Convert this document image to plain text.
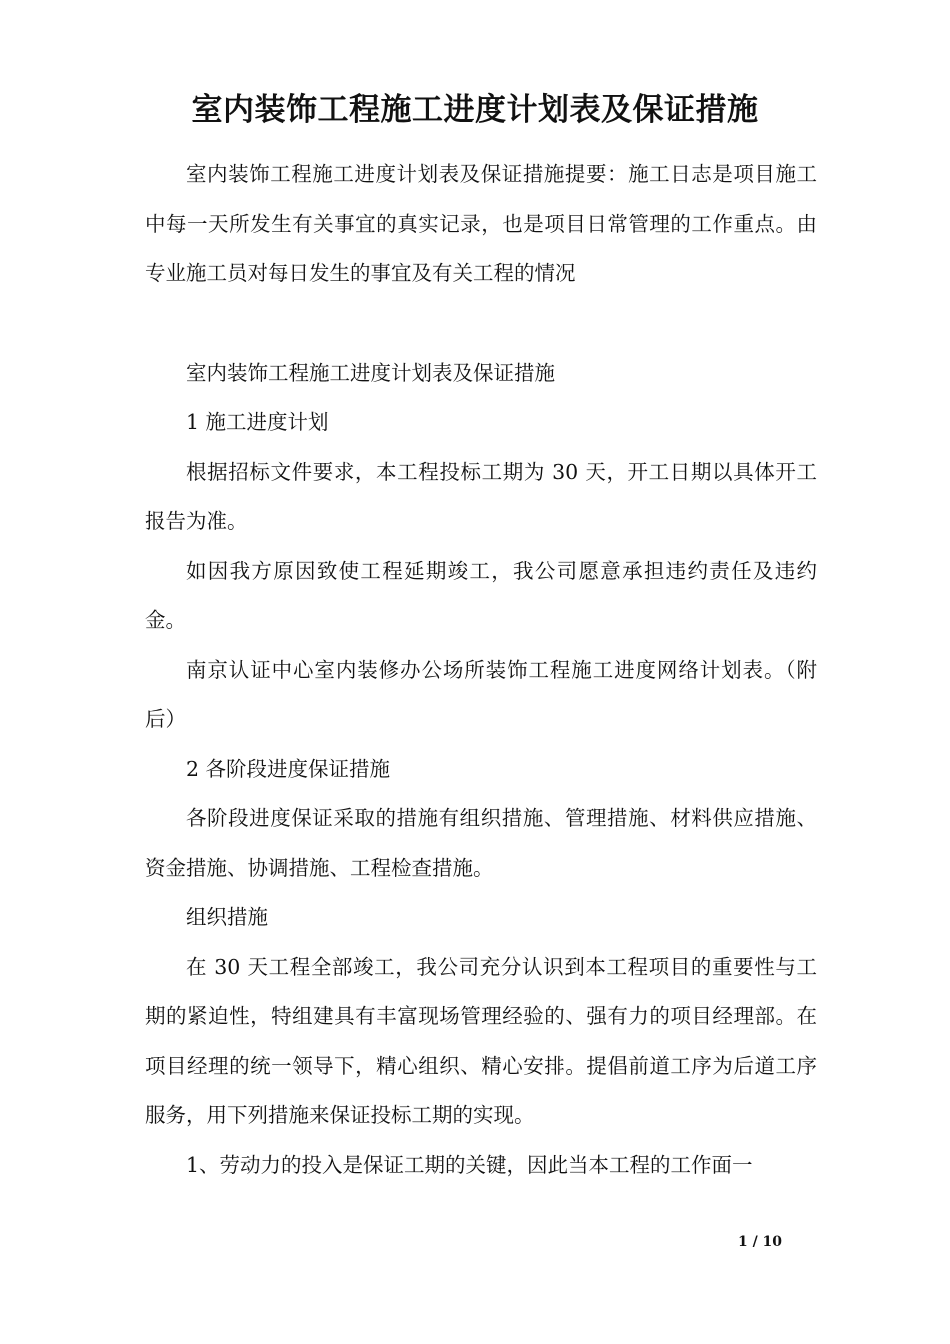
室内装饰工程施工进度计划表及保证措施

室内装饰工程施工进度计划表及保证措施提要：施工日志是项目施工中每一天所发生有关事宜的真实记录，也是项目日常管理的工作重点。由专业施工员对每日发生的事宜及有关工程的情况

室内装饰工程施工进度计划表及保证措施

1 施工进度计划

根据招标文件要求，本工程投标工期为 30 天，开工日期以具体开工报告为准。

如因我方原因致使工程延期竣工，我公司愿意承担违约责任及违约金。

南京认证中心室内装修办公场所装饰工程施工进度网络计划表。（附后）

2 各阶段进度保证措施

各阶段进度保证采取的措施有组织措施、管理措施、材料供应措施、资金措施、协调措施、工程检查措施。

组织措施

在 30 天工程全部竣工，我公司充分认识到本工程项目的重要性与工期的紧迫性，特组建具有丰富现场管理经验的、强有力的项目经理部。在项目经理的统一领导下，精心组织、精心安排。提倡前道工序为后道工序服务，用下列措施来保证投标工期的实现。

1、劳动力的投入是保证工期的关键，因此当本工程的工作面一

1 / 10
